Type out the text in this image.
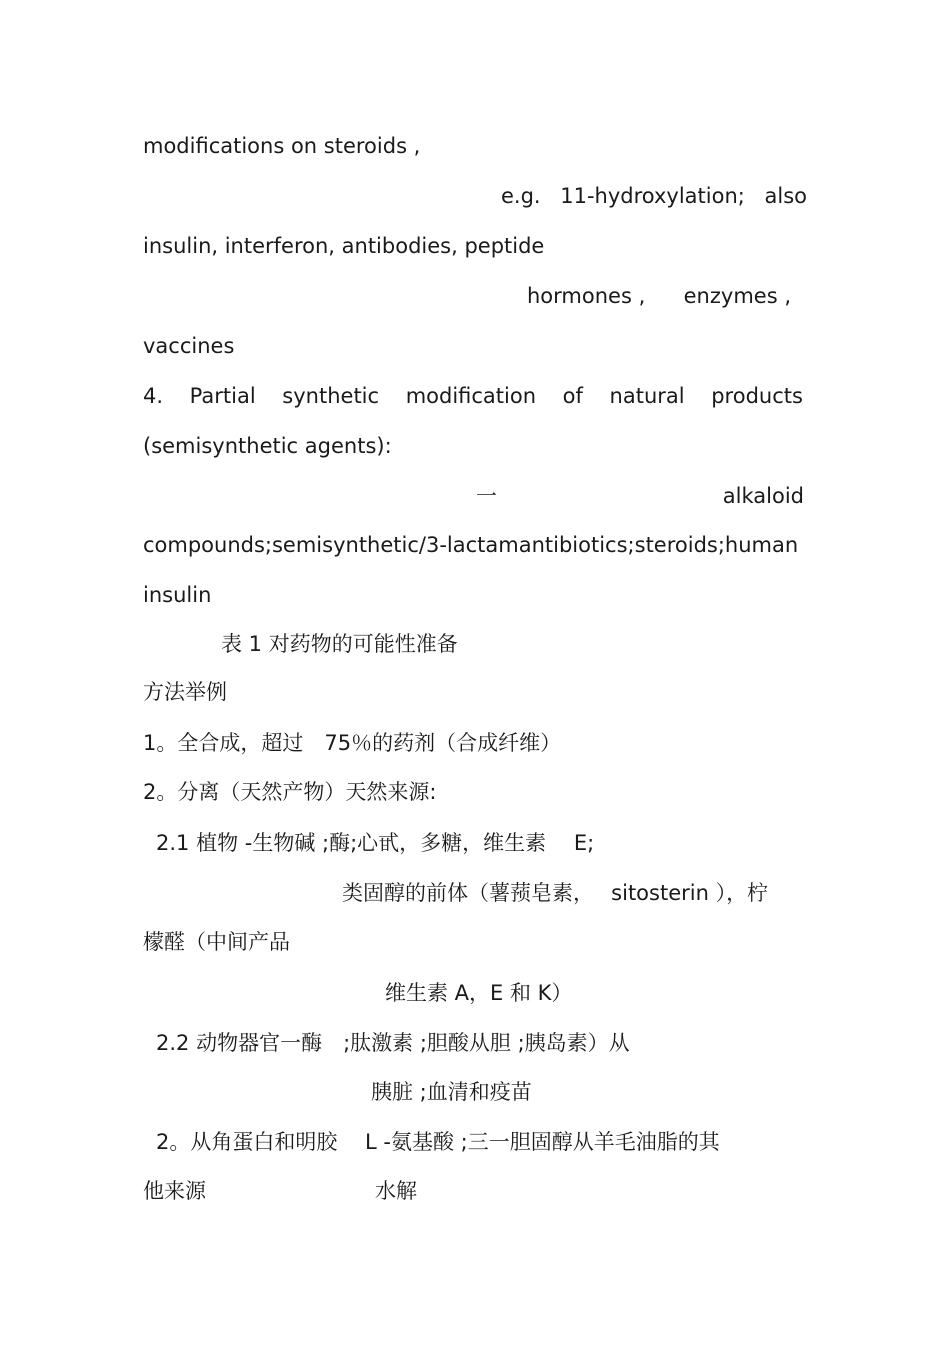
modifications on steroids ,
e.g. 11-hydroxylation; also
insulin, interferon, antibodies, peptide
hormones , enzymes ,
vaccines
4. Partial synthetic modification of natural products
(semisynthetic agents):
一	alkaloid
compounds;semisynthetic /3-lactam antibiotics;steroids;human
insulin
表 1 对药物的可能性准备
方法举例
1。全合成，超过　75％的药剂（合成纤维）
2。分离（天然产物）天然来源:
2.1 植物 -生物碱 ;酶;心甙，多糖，维生素　 E;
类固醇的前体（薯蓣皂素，　 sitosterin ），柠
檬醛（中间产品
维生素 A，E 和 K）
2.2 动物器官一酶　;肽激素 ;胆酸从胆 ;胰岛素）从
胰脏 ;血清和疫苗
2。从角蛋白和明胶　 L -氨基酸 ;三一胆固醇从羊毛油脂的其
他来源	水解
